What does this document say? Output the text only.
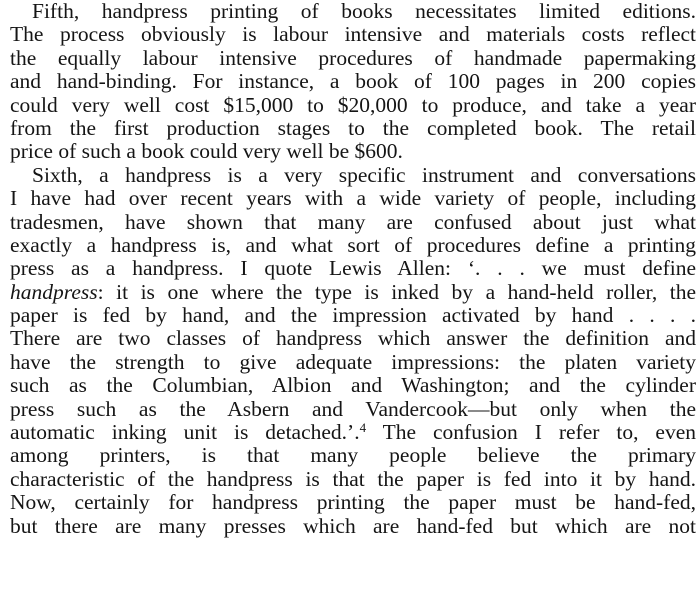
Fifth, handpress printing of books necessitates limited editions.
The process obviously is labour intensive and materials costs reflect
the equally labour intensive procedures of handmade papermaking
and hand-binding. For instance, a book of 100 pages in 200 copies
could very well cost $15,000 to $20,000 to produce, and take a year
from the first production stages to the completed book. The retail
price of such a book could very well be $600.
Sixth, a handpress is a very specific instrument and conversations
I have had over recent years with a wide variety of people, including
tradesmen, have shown that many are confused about just what
exactly a handpress is, and what sort of procedures define a printing
press as a handpress. I quote Lewis Allen: ‘. . . we must define
handpress: it is one where the type is inked by a hand-held roller, the
paper is fed by hand, and the impression activated by hand . . . .
There are two classes of handpress which answer the definition and
have the strength to give adequate impressions: the platen variety
such as the Columbian, Albion and Washington; and the cylinder
press such as the Asbern and Vandercook—but only when the
automatic inking unit is detached.’.$^4$ The confusion I refer to, even
among printers, is that many people believe the primary
characteristic of the handpress is that the paper is fed into it by hand.
Now, certainly for handpress printing the paper must be hand-fed,
but there are many presses which are hand-fed but which are not
